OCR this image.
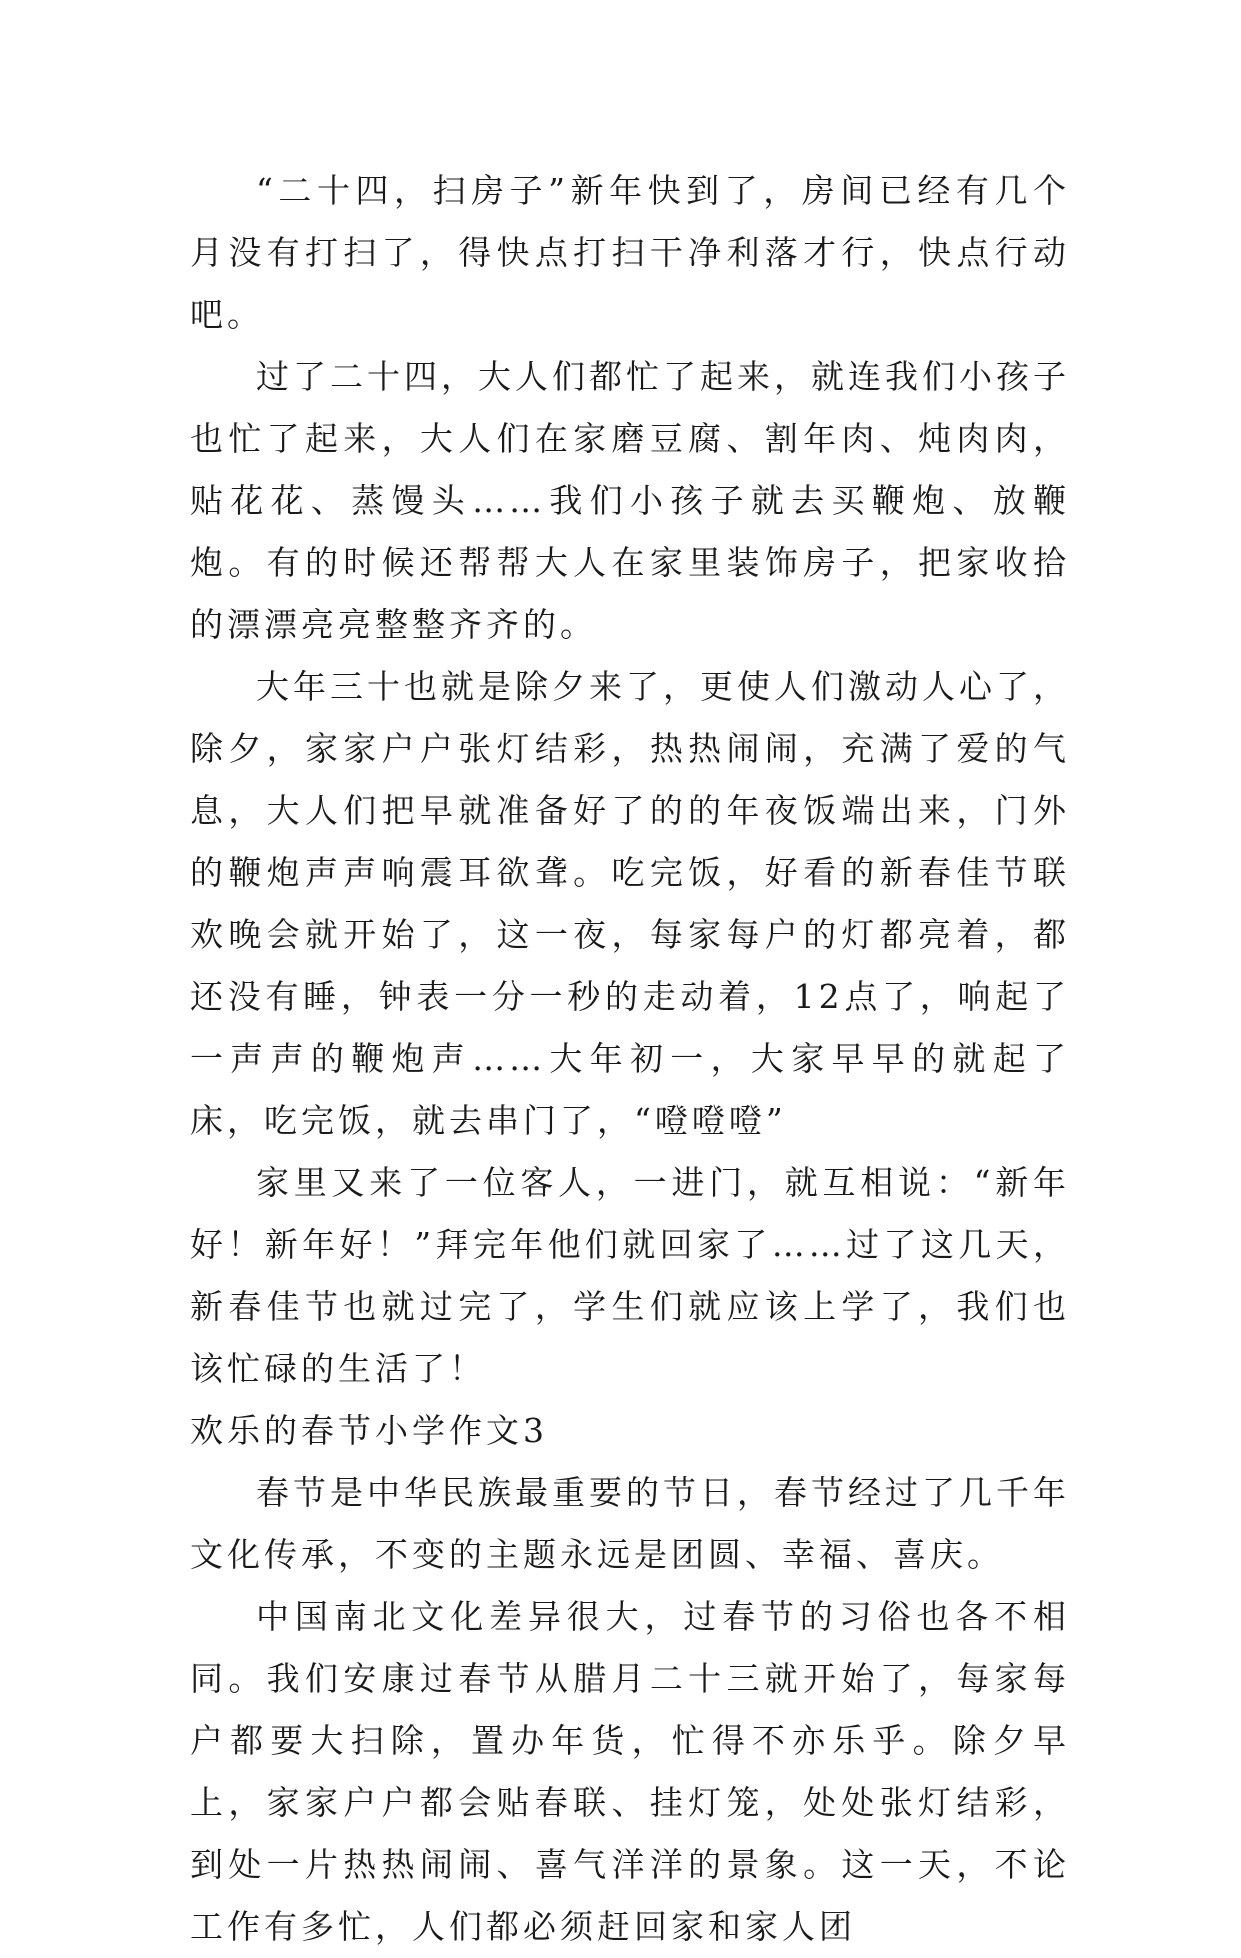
“二十四，扫房子”新年快到了，房间已经有几个月没有打扫了，得快点打扫干净利落才行，快点行动吧。

过了二十四，大人们都忙了起来，就连我们小孩子也忙了起来，大人们在家磨豆腐、割年肉、炖肉肉，贴花花、蒸馒头……我们小孩子就去买鞭炮、放鞭炮。有的时候还帮帮大人在家里装饰房子，把家收拾的漂漂亮亮整整齐齐的。

大年三十也就是除夕来了，更使人们激动人心了，除夕，家家户户张灯结彩，热热闹闹，充满了爱的气息，大人们把早就准备好了的的年夜饭端出来，门外的鞭炮声声响震耳欲聋。吃完饭，好看的新春佳节联欢晚会就开始了，这一夜，每家每户的灯都亮着，都还没有睡，钟表一分一秒的走动着，12点了，响起了一声声的鞭炮声……大年初一，大家早早的就起了床，吃完饭，就去串门了，“噔噔噔”

家里又来了一位客人，一进门，就互相说：“新年好！新年好！”拜完年他们就回家了……过了这几天，新春佳节也就过完了，学生们就应该上学了，我们也该忙碌的生活了！

欢乐的春节小学作文3

春节是中华民族最重要的节日，春节经过了几千年文化传承，不变的主题永远是团圆、幸福、喜庆。

中国南北文化差异很大，过春节的习俗也各不相同。我们安康过春节从腊月二十三就开始了，每家每户都要大扫除，置办年货，忙得不亦乐乎。除夕早上，家家户户都会贴春联、挂灯笼，处处张灯结彩，到处一片热热闹闹、喜气洋洋的景象。这一天，不论工作有多忙，人们都必须赶回家和家人团
